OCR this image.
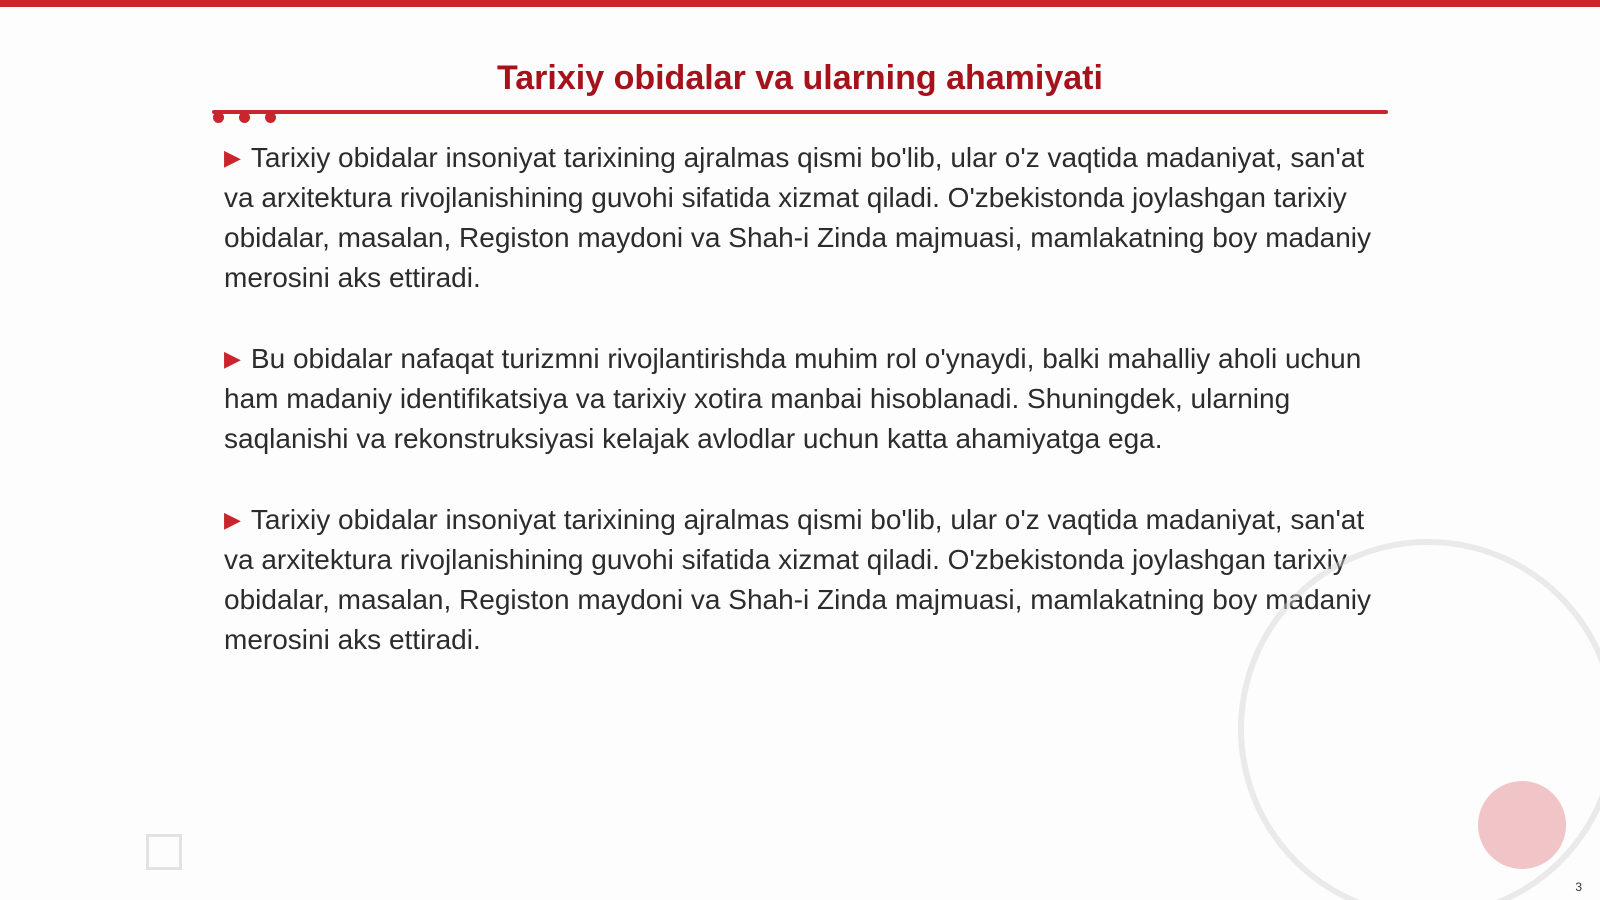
Tarixiy obidalar va ularning ahamiyati

▶ Tarixiy obidalar insoniyat tarixining ajralmas qismi bo'lib, ular o'z vaqtida madaniyat, san'at va arxitektura rivojlanishining guvohi sifatida xizmat qiladi. O'zbekistonda joylashgan tarixiy obidalar, masalan, Registon maydoni va Shah-i Zinda majmuasi, mamlakatning boy madaniy merosini aks ettiradi.

▶ Bu obidalar nafaqat turizmni rivojlantirishda muhim rol o'ynaydi, balki mahalliy aholi uchun ham madaniy identifikatsiya va tarixiy xotira manbai hisoblanadi. Shuningdek, ularning saqlanishi va rekonstruksiyasi kelajak avlodlar uchun katta ahamiyatga ega.

▶ Tarixiy obidalar insoniyat tarixining ajralmas qismi bo'lib, ular o'z vaqtida madaniyat, san'at va arxitektura rivojlanishining guvohi sifatida xizmat qiladi. O'zbekistonda joylashgan tarixiy obidalar, masalan, Registon maydoni va Shah-i Zinda majmuasi, mamlakatning boy madaniy merosini aks ettiradi.

3
